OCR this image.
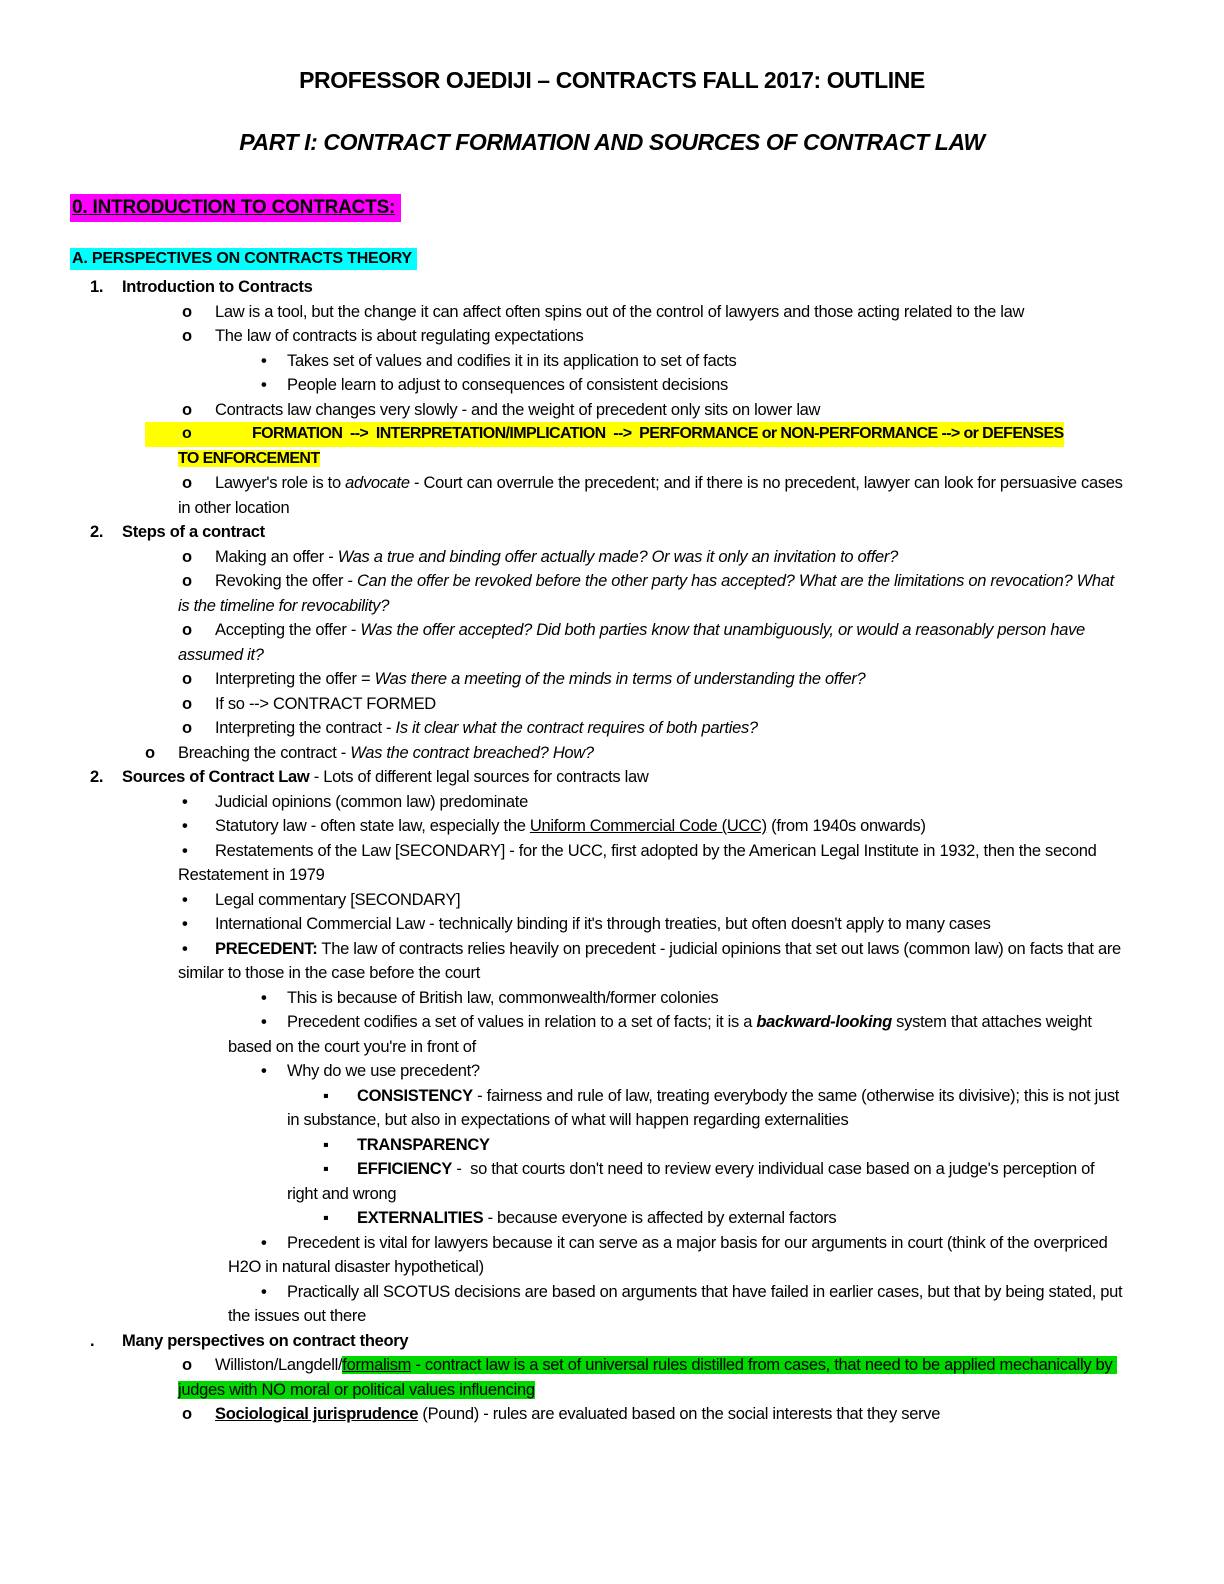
PROFESSOR OJEDIJI – CONTRACTS FALL 2017: OUTLINE
PART I: CONTRACT FORMATION AND SOURCES OF CONTRACT LAW
0. INTRODUCTION TO CONTRACTS:
A. PERSPECTIVES ON CONTRACTS THEORY
1. Introduction to Contracts
o Law is a tool, but the change it can affect often spins out of the control of lawyers and those acting related to the law
o The law of contracts is about regulating expectations
• Takes set of values and codifies it in its application to set of facts
• People learn to adjust to consequences of consistent decisions
o Contracts law changes very slowly - and the weight of precedent only sits on lower law
o	FORMATION  -->  INTERPRETATION/IMPLICATION  -->  PERFORMANCE or NON-PERFORMANCE --> or DEFENSES
TO ENFORCEMENT
o Lawyer's role is to advocate - Court can overrule the precedent; and if there is no precedent, lawyer can look for persuasive cases in other location
2. Steps of a contract
o Making an offer - Was a true and binding offer actually made? Or was it only an invitation to offer?
o Revoking the offer - Can the offer be revoked before the other party has accepted? What are the limitations on revocation? What is the timeline for revocability?
o Accepting the offer - Was the offer accepted? Did both parties know that unambiguously, or would a reasonably person have assumed it?
o Interpreting the offer = Was there a meeting of the minds in terms of understanding the offer?
o If so --> CONTRACT FORMED
o Interpreting the contract - Is it clear what the contract requires of both parties?
o Breaching the contract - Was the contract breached? How?
2. Sources of Contract Law - Lots of different legal sources for contracts law
• Judicial opinions (common law) predominate
• Statutory law - often state law, especially the Uniform Commercial Code (UCC) (from 1940s onwards)
• Restatements of the Law [SECONDARY] - for the UCC, first adopted by the American Legal Institute in 1932, then the second Restatement in 1979
• Legal commentary [SECONDARY]
• International Commercial Law - technically binding if it's through treaties, but often doesn't apply to many cases
• PRECEDENT: The law of contracts relies heavily on precedent - judicial opinions that set out laws (common law) on facts that are similar to those in the case before the court
• This is because of British law, commonwealth/former colonies
• Precedent codifies a set of values in relation to a set of facts; it is a backward-looking system that attaches weight based on the court you're in front of
• Why do we use precedent?
▪ CONSISTENCY - fairness and rule of law, treating everybody the same (otherwise its divisive); this is not just in substance, but also in expectations of what will happen regarding externalities
▪ TRANSPARENCY
▪ EFFICIENCY -  so that courts don't need to review every individual case based on a judge's perception of right and wrong
▪ EXTERNALITIES - because everyone is affected by external factors
• Precedent is vital for lawyers because it can serve as a major basis for our arguments in court (think of the overpriced H2O in natural disaster hypothetical)
• Practically all SCOTUS decisions are based on arguments that have failed in earlier cases, but that by being stated, put the issues out there
. Many perspectives on contract theory
o Williston/Langdell/formalism - contract law is a set of universal rules distilled from cases, that need to be applied mechanically by judges with NO moral or political values influencing
o Sociological jurisprudence (Pound) - rules are evaluated based on the social interests that they serve
